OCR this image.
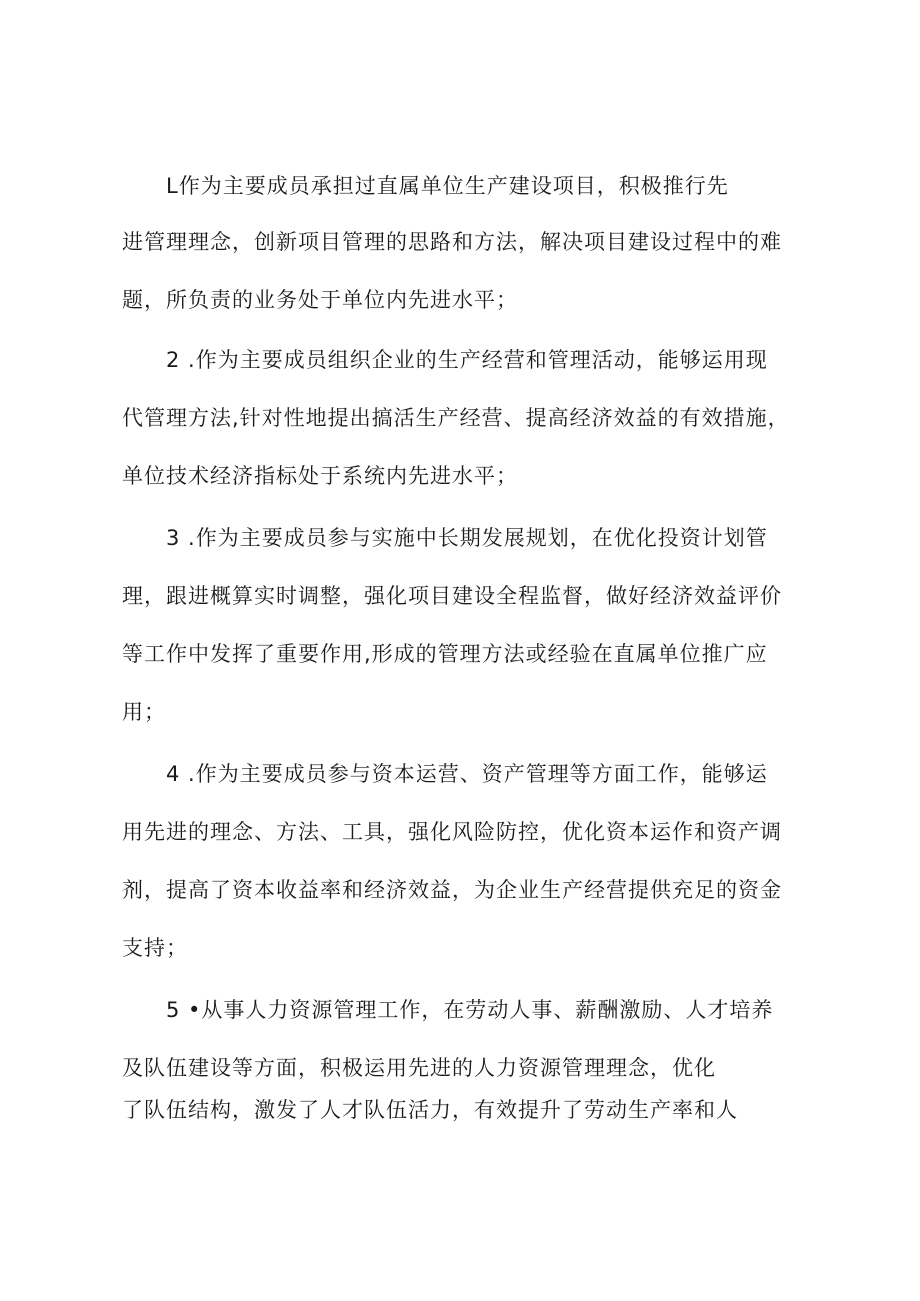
L作为主要成员承担过直属单位生产建设项目，积极推行先
进管理理念，创新项目管理的思路和方法，解决项目建设过程中的难
题，所负责的业务处于单位内先进水平；
2 .作为主要成员组织企业的生产经营和管理活动，能够运用现
代管理方法,针对性地提出搞活生产经营、提高经济效益的有效措施，
单位技术经济指标处于系统内先进水平；
3 .作为主要成员参与实施中长期发展规划，在优化投资计划管
理，跟进概算实时调整，强化项目建设全程监督，做好经济效益评价
等工作中发挥了重要作用,形成的管理方法或经验在直属单位推广应
用；
4 .作为主要成员参与资本运营、资产管理等方面工作，能够运
用先进的理念、方法、工具，强化风险防控，优化资本运作和资产调
剂，提高了资本收益率和经济效益，为企业生产经营提供充足的资金
支持；
5 •从事人力资源管理工作，在劳动人事、薪酬激励、人才培养
及队伍建设等方面，积极运用先进的人力资源管理理念，优化
了队伍结构，激发了人才队伍活力，有效提升了劳动生产率和人
